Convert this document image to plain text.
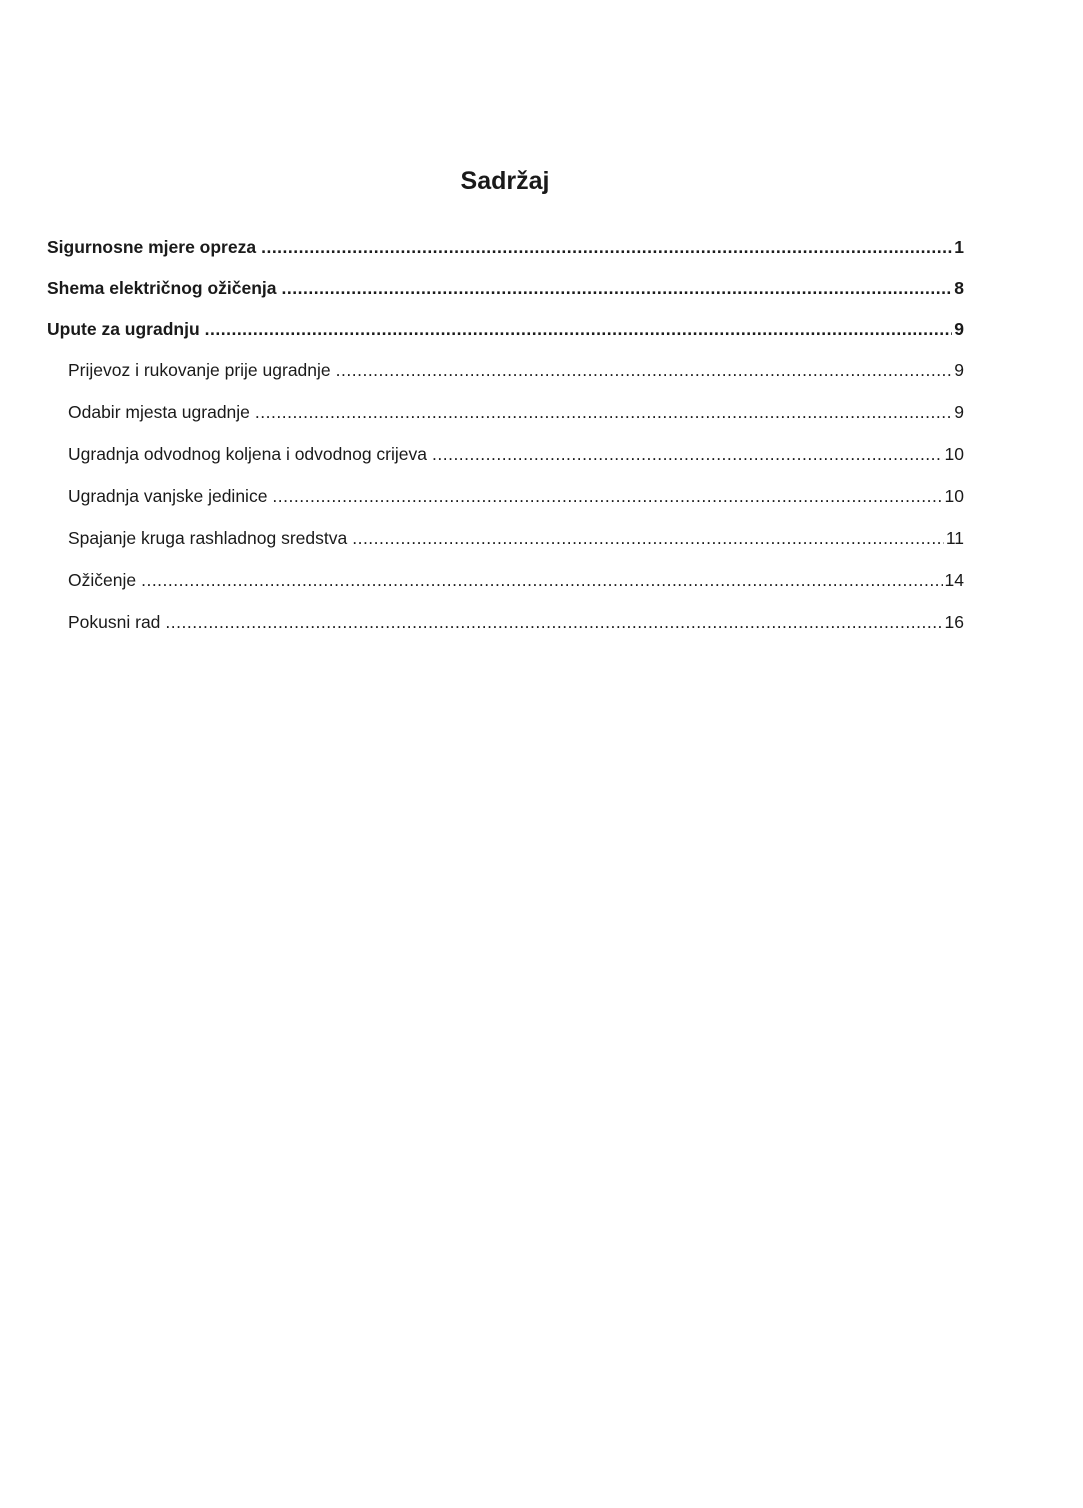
Sadržaj
Sigurnosne mjere opreza .....	1
Shema električnog ožičenja .....	8
Upute za ugradnju .....	9
Prijevoz i rukovanje prije ugradnje .....	9
Odabir mjesta ugradnje .....	9
Ugradnja odvodnog koljena i odvodnog crijeva .....	10
Ugradnja vanjske jedinice .....	10
Spajanje kruga rashladnog sredstva .....	11
Ožičenje .....	14
Pokusni rad .....	16
